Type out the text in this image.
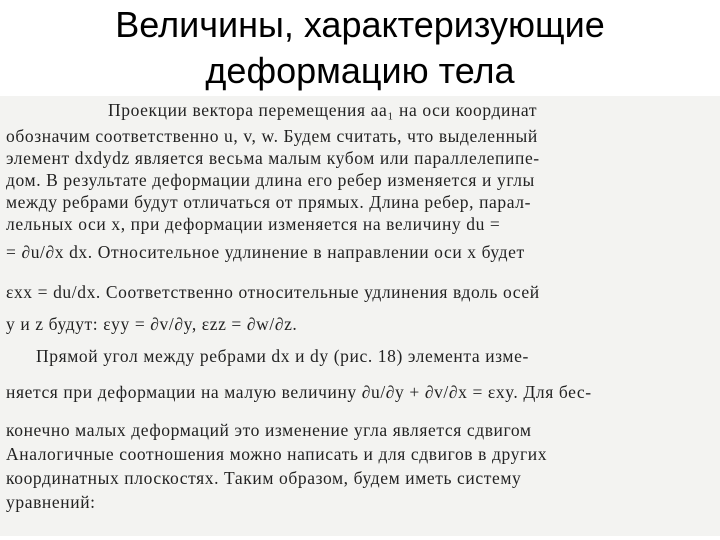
Величины, характеризующие
деформацию тела
Проекции вектора перемещения aa₁ на оси координат
обозначим соответственно u, v, w. Будем считать, что выделенный
элемент dxdydz является весьма малым кубом или параллелепипе-
дом. В результате деформации длина его ребер изменяется и углы
между ребрами будут отличаться от прямых. Длина ребер, парал-
лельных оси x, при деформации изменяется на величину du =
= ∂u/∂x dx. Относительное удлинение в направлении оси x будет
εxx = du/dx. Соответственно относительные удлинения вдоль осей
y и z будут: εyy = ∂v/∂y, εzz = ∂w/∂z.
Прямой угол между ребрами dx и dy (рис. 18) элемента изме-
няется при деформации на малую величину ∂u/∂y + ∂v/∂x = εxy. Для бес-
конечно малых деформаций это изменение угла является сдвигом
Аналогичные соотношения можно написать и для сдвигов в других
координатных плоскостях. Таким образом, будем иметь систему
уравнений:
